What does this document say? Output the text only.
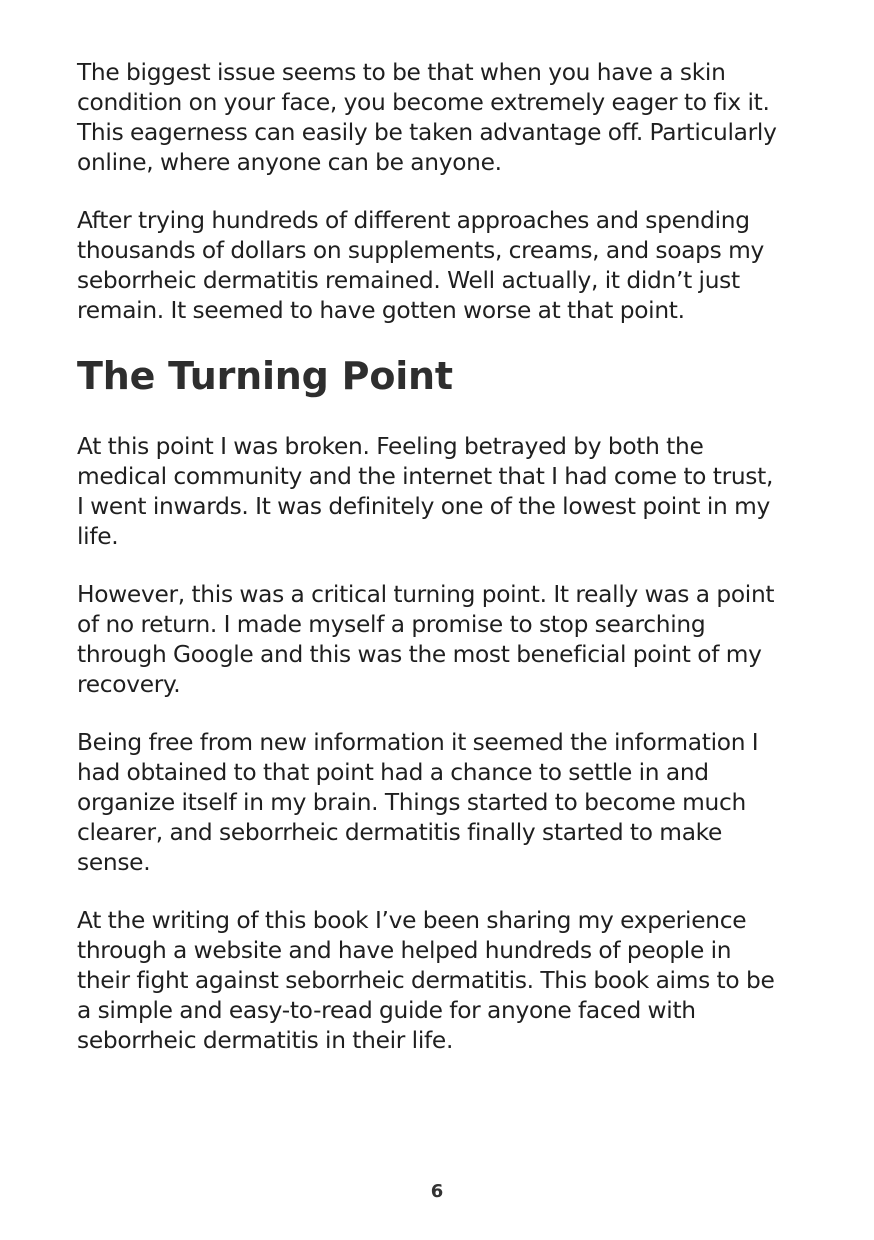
The biggest issue seems to be that when you have a skin
condition on your face, you become extremely eager to fix it.
This eagerness can easily be taken advantage off. Particularly
online, where anyone can be anyone.

After trying hundreds of different approaches and spending
thousands of dollars on supplements, creams, and soaps my
seborrheic dermatitis remained. Well actually, it didn’t just
remain. It seemed to have gotten worse at that point.

The Turning Point

At this point I was broken. Feeling betrayed by both the
medical community and the internet that I had come to trust,
I went inwards. It was definitely one of the lowest point in my
life.

However, this was a critical turning point. It really was a point
of no return. I made myself a promise to stop searching
through Google and this was the most beneficial point of my
recovery.

Being free from new information it seemed the information I
had obtained to that point had a chance to settle in and
organize itself in my brain. Things started to become much
clearer, and seborrheic dermatitis finally started to make
sense.

At the writing of this book I’ve been sharing my experience
through a website and have helped hundreds of people in
their fight against seborrheic dermatitis. This book aims to be
a simple and easy-to-read guide for anyone faced with
seborrheic dermatitis in their life.

6
